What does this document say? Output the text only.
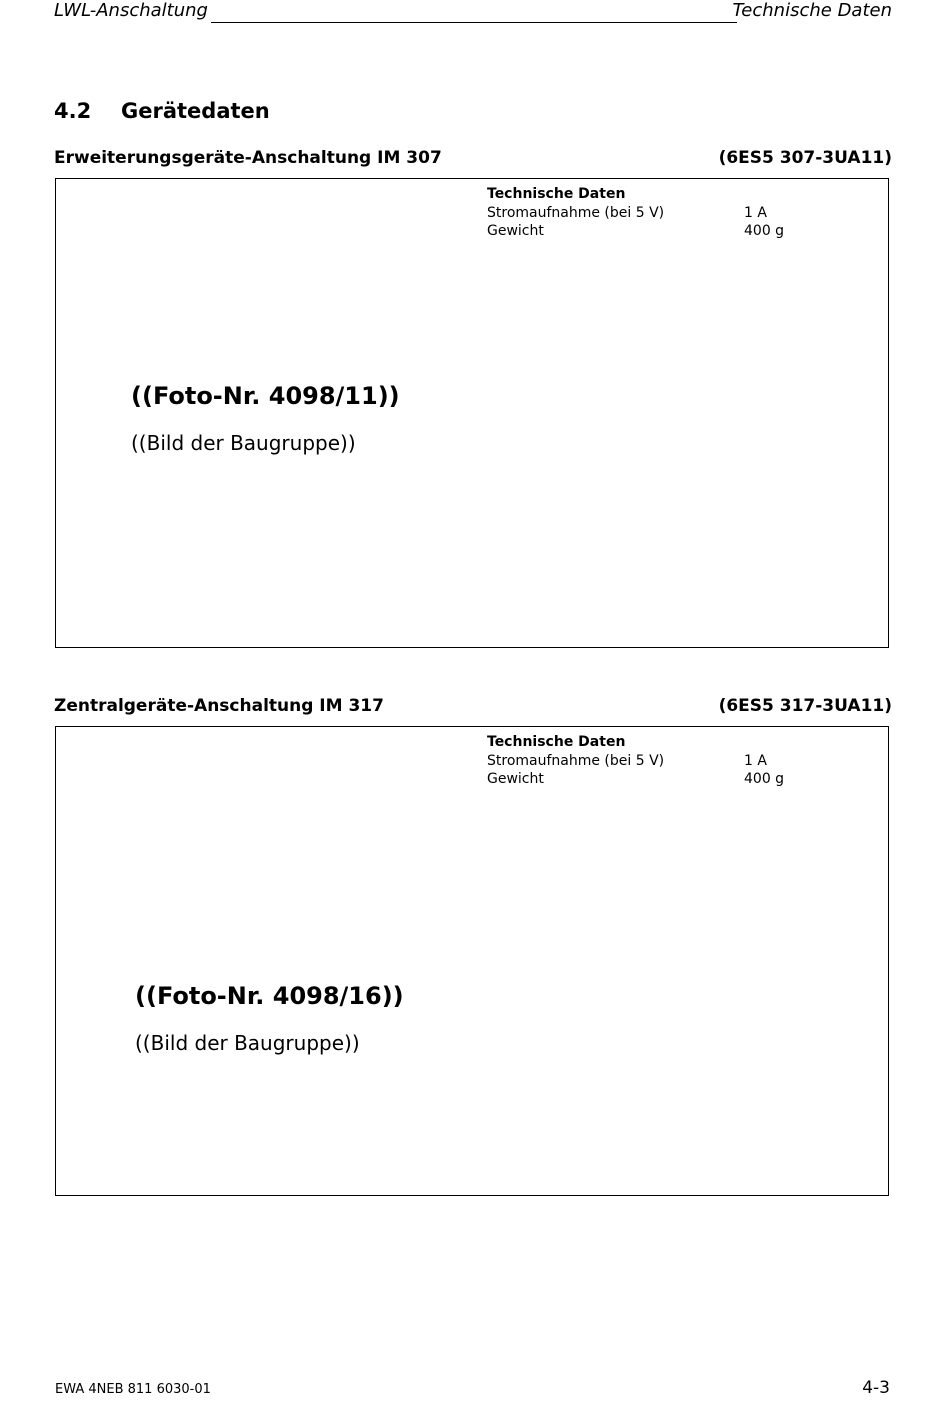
LWL-Anschaltung	Technische Daten
4.2 Gerätedaten
Erweiterungsgeräte-Anschaltung IM 307	(6ES5 307-3UA11)
Technische Daten
Stromaufnahme (bei 5 V)	1 A
Gewicht	400 g
((Foto-Nr. 4098/11))
((Bild der Baugruppe))
Zentralgeräte-Anschaltung IM 317	(6ES5 317-3UA11)
Technische Daten
Stromaufnahme (bei 5 V)	1 A
Gewicht	400 g
((Foto-Nr. 4098/16))
((Bild der Baugruppe))
EWA 4NEB 811 6030-01	4-3
